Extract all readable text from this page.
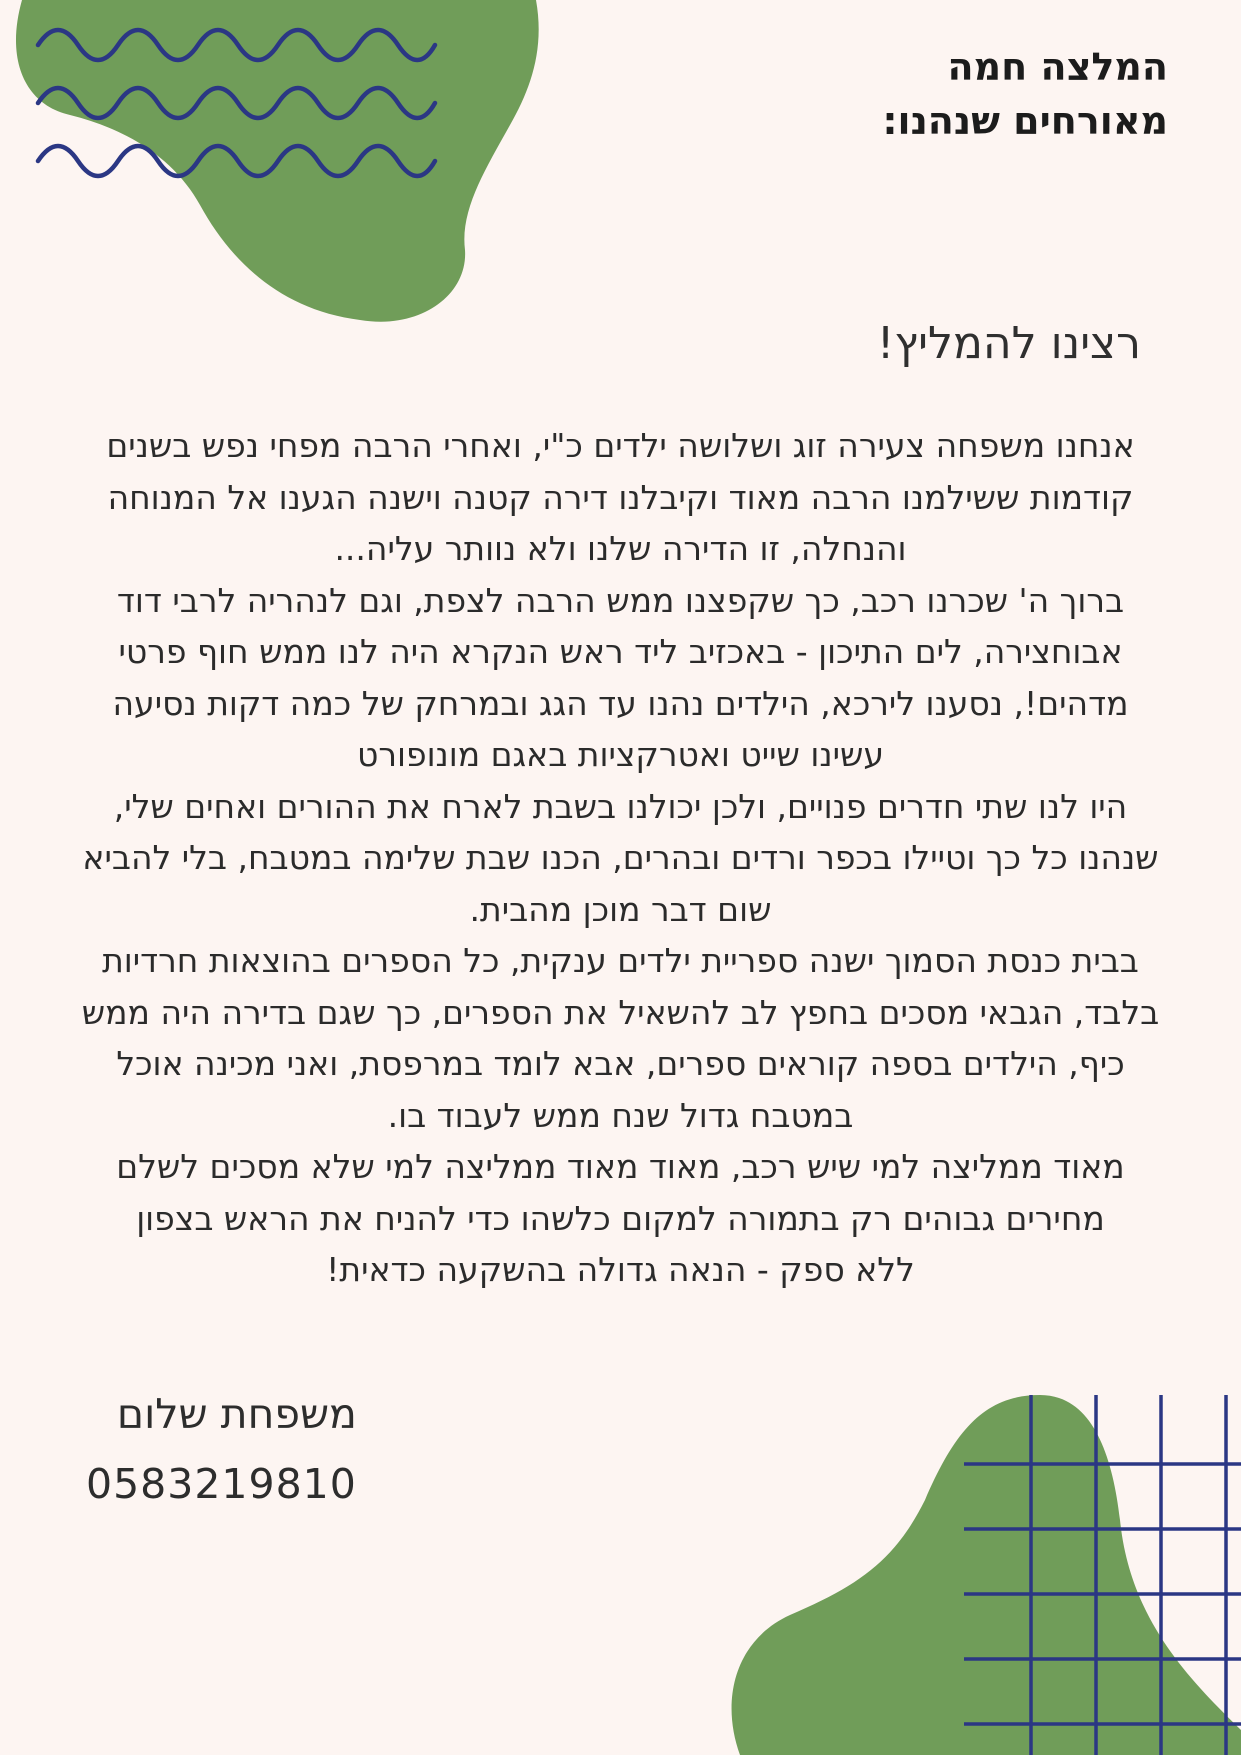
המלצה חמה
מאורחים שנהנו:
רצינו להמליץ!

אנחנו משפחה צעירה זוג ושלושה ילדים כ"י, ואחרי הרבה מפחי נפש בשנים
קודמות ששילמנו הרבה מאוד וקיבלנו דירה קטנה וישנה הגענו אל המנוחה
והנחלה, זו הדירה שלנו ולא נוותר עליה...

ברוך ה' שכרנו רכב, כך שקפצנו ממש הרבה לצפת, וגם לנהריה לרבי דוד
אבוחצירה, לים התיכון - באכזיב ליד ראש הנקרא היה לנו ממש חוף פרטי
מדהים!, נסענו לירכא, הילדים נהנו עד הגג ובמרחק של כמה דקות נסיעה
עשינו שייט ואטרקציות באגם מונופורט

היו לנו שתי חדרים פנויים, ולכן יכולנו בשבת לארח את ההורים ואחים שלי,
שנהנו כל כך וטיילו בכפר ורדים ובהרים, הכנו שבת שלימה במטבח, בלי להביא
שום דבר מוכן מהבית.

בבית כנסת הסמוך ישנה ספריית ילדים ענקית, כל הספרים בהוצאות חרדיות
בלבד, הגבאי מסכים בחפץ לב להשאיל את הספרים, כך שגם בדירה היה ממש
כיף, הילדים בספה קוראים ספרים, אבא לומד במרפסת, ואני מכינה אוכל
במטבח גדול שנח ממש לעבוד בו.

מאוד ממליצה למי שיש רכב, מאוד מאוד ממליצה למי שלא מסכים לשלם
מחירים גבוהים רק בתמורה למקום כלשהו כדי להניח את הראש בצפון
ללא ספק - הנאה גדולה בהשקעה כדאית!

משפחת שלום
0583219810
